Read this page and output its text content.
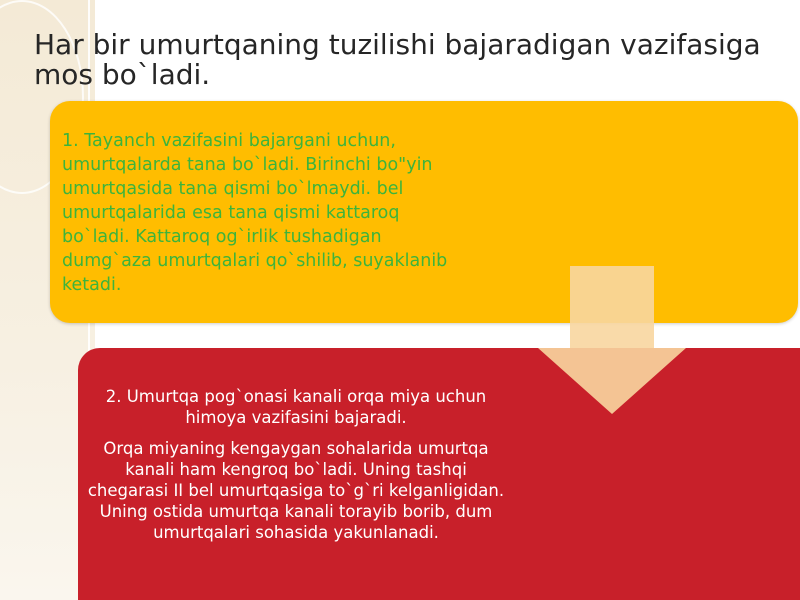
Har bir umurtqaning tuzilishi bajaradigan vazifasiga mos bo`ladi.

1. Tayanch vazifasini bajargani uchun,
umurtqalarda tana bo`ladi. Birinchi bo"yin
umurtqasida tana qismi bo`lmaydi. bel
umurtqalarida esa tana qismi kattaroq
bo`ladi. Kattaroq og`irlik tushadigan
dumg`aza umurtqalari qo`shilib, suyaklanib
ketadi.

2. Umurtqa pog`onasi kanali orqa miya uchun himoya vazifasini bajaradi.

Orqa miyaning kengaygan sohalarida umurtqa kanali ham kengroq bo`ladi. Uning tashqi chegarasi II bel umurtqasiga to`g`ri kelganligidan. Uning ostida umurtqa kanali torayib borib, dum umurtqalari sohasida yakunlanadi.
